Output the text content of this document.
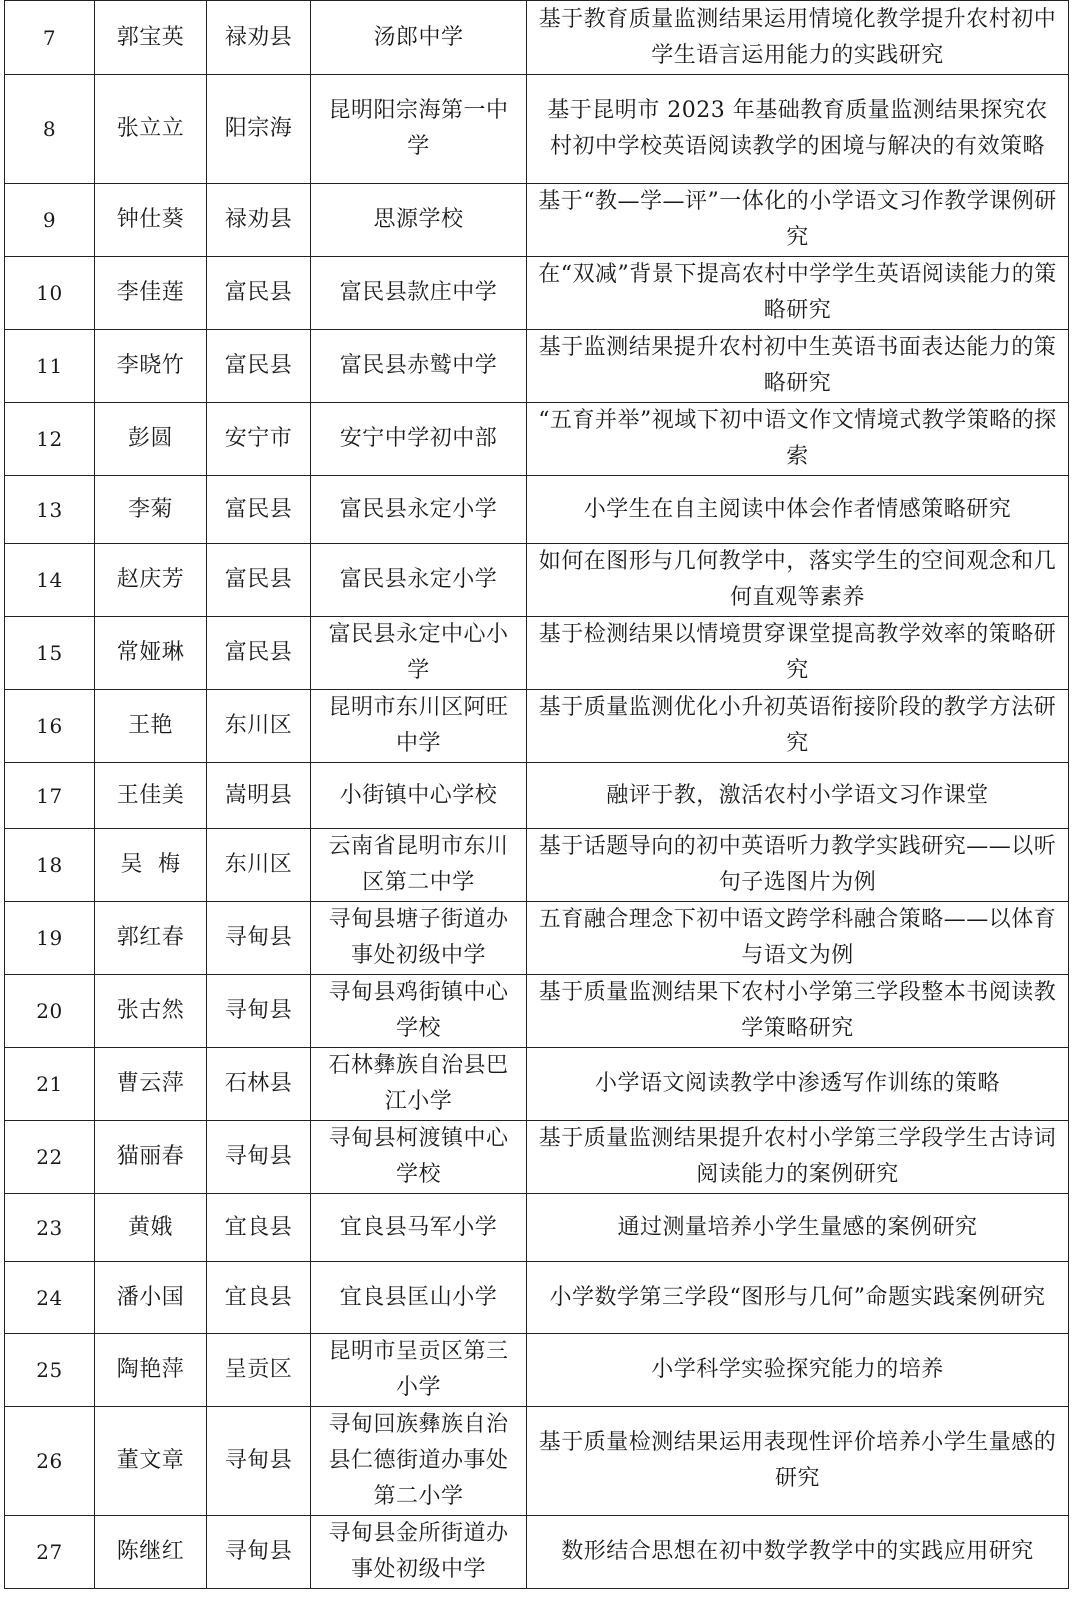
7	郭宝英	禄劝县	汤郎中学	基于教育质量监测结果运用情境化教学提升农村初中学生语言运用能力的实践研究
8	张立立	阳宗海	昆明阳宗海第一中学	基于昆明市 2023 年基础教育质量监测结果探究农村初中学校英语阅读教学的困境与解决的有效策略
9	钟仕葵	禄劝县	思源学校	基于“教—学—评”一体化的小学语文习作教学课例研究
10	李佳莲	富民县	富民县款庄中学	在“双减”背景下提高农村中学学生英语阅读能力的策略研究
11	李晓竹	富民县	富民县赤鹫中学	基于监测结果提升农村初中生英语书面表达能力的策略研究
12	彭圆	安宁市	安宁中学初中部	“五育并举”视域下初中语文作文情境式教学策略的探索
13	李菊	富民县	富民县永定小学	小学生在自主阅读中体会作者情感策略研究
14	赵庆芳	富民县	富民县永定小学	如何在图形与几何教学中，落实学生的空间观念和几何直观等素养
15	常娅琳	富民县	富民县永定中心小学	基于检测结果以情境贯穿课堂提高教学效率的策略研究
16	王艳	东川区	昆明市东川区阿旺中学	基于质量监测优化小升初英语衔接阶段的教学方法研究
17	王佳美	嵩明县	小街镇中心学校	融评于教，激活农村小学语文习作课堂
18	吴  梅	东川区	云南省昆明市东川区第二中学	基于话题导向的初中英语听力教学实践研究——以听句子选图片为例
19	郭红春	寻甸县	寻甸县塘子街道办事处初级中学	五育融合理念下初中语文跨学科融合策略——以体育与语文为例
20	张古然	寻甸县	寻甸县鸡街镇中心学校	基于质量监测结果下农村小学第三学段整本书阅读教学策略研究
21	曹云萍	石林县	石林彝族自治县巴江小学	小学语文阅读教学中渗透写作训练的策略
22	猫丽春	寻甸县	寻甸县柯渡镇中心学校	基于质量监测结果提升农村小学第三学段学生古诗词阅读能力的案例研究
23	黄娥	宜良县	宜良县马军小学	通过测量培养小学生量感的案例研究
24	潘小国	宜良县	宜良县匡山小学	小学数学第三学段“图形与几何”命题实践案例研究
25	陶艳萍	呈贡区	昆明市呈贡区第三小学	小学科学实验探究能力的培养
26	董文章	寻甸县	寻甸回族彝族自治县仁德街道办事处第二小学	基于质量检测结果运用表现性评价培养小学生量感的研究
27	陈继红	寻甸县	寻甸县金所街道办事处初级中学	数形结合思想在初中数学教学中的实践应用研究
